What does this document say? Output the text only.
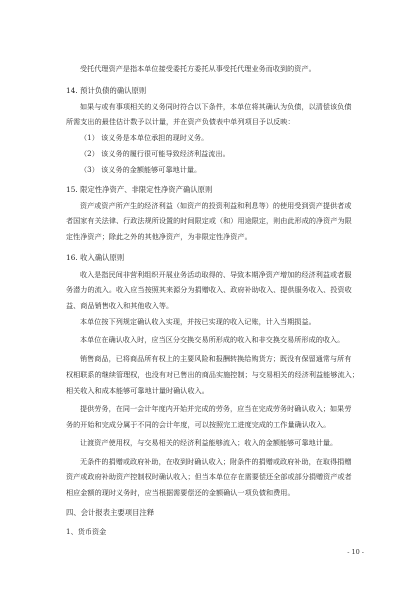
受托代理资产是指本单位接受委托方委托从事受托代理业务而收到的资产。
14. 预计负债的确认原则
如果与或有事项相关的义务同时符合以下条件，本单位将其确认为负债，以清偿该负债
所需支出的最佳估计数予以计量，并在资产负债表中单列项目予以反映：
（1） 该义务是本单位承担的现时义务。
（2） 该义务的履行很可能导致经济利益流出。
（3） 该义务的金额能够可靠地计量。
15. 限定性净资产、非限定性净资产确认原则
资产或资产所产生的经济利益（如资产的投资利益和利息等）的使用受到资产提供者或
者国家有关法律、行政法规所设置的时间限定或（和）用途限定，则由此形成的净资产为限
定性净资产；除此之外的其他净资产，为非限定性净资产。
16. 收入确认原则
收入是指民间非营利组织开展业务活动取得的、导致本期净资产增加的经济利益或者服
务潜力的流入。收入应当按照其来源分为捐赠收入、政府补助收入、提供服务收入、投资收
益、商品销售收入和其他收入等。
本单位按下列规定确认收入实现，并按已实现的收入记账，计入当期损益。
本单位在确认收入时，应当区分交换交易所形成的收入和非交换交易所形成的收入。
销售商品，已将商品所有权上的主要风险和报酬转换给购货方；既没有保留通常与所有
权相联系的继续管理权，也没有对已售出的商品实施控制；与交易相关的经济利益能够流入；
相关收入和成本能够可靠地计量时确认收入。
提供劳务，在同一会计年度内开始并完成的劳务，应当在完成劳务时确认收入；如果劳
务的开始和完成分属于不同的会计年度，可以按照完工进度完成的工作量确认收入。
让渡资产使用权，与交易相关的经济利益能够流入；收入的金额能够可靠地计量。
无条件的捐赠或政府补助，在收到时确认收入；附条件的捐赠或政府补助，在取得捐赠
资产或政府补助资产控制权时确认收入；但当本单位存在需要偿还全部或部分捐赠资产或者
相应金额的现时义务时，应当根据需要偿还的金额确认一项负债和费用。
四、会计报表主要项目注释
1、货币资金
- 10 -
